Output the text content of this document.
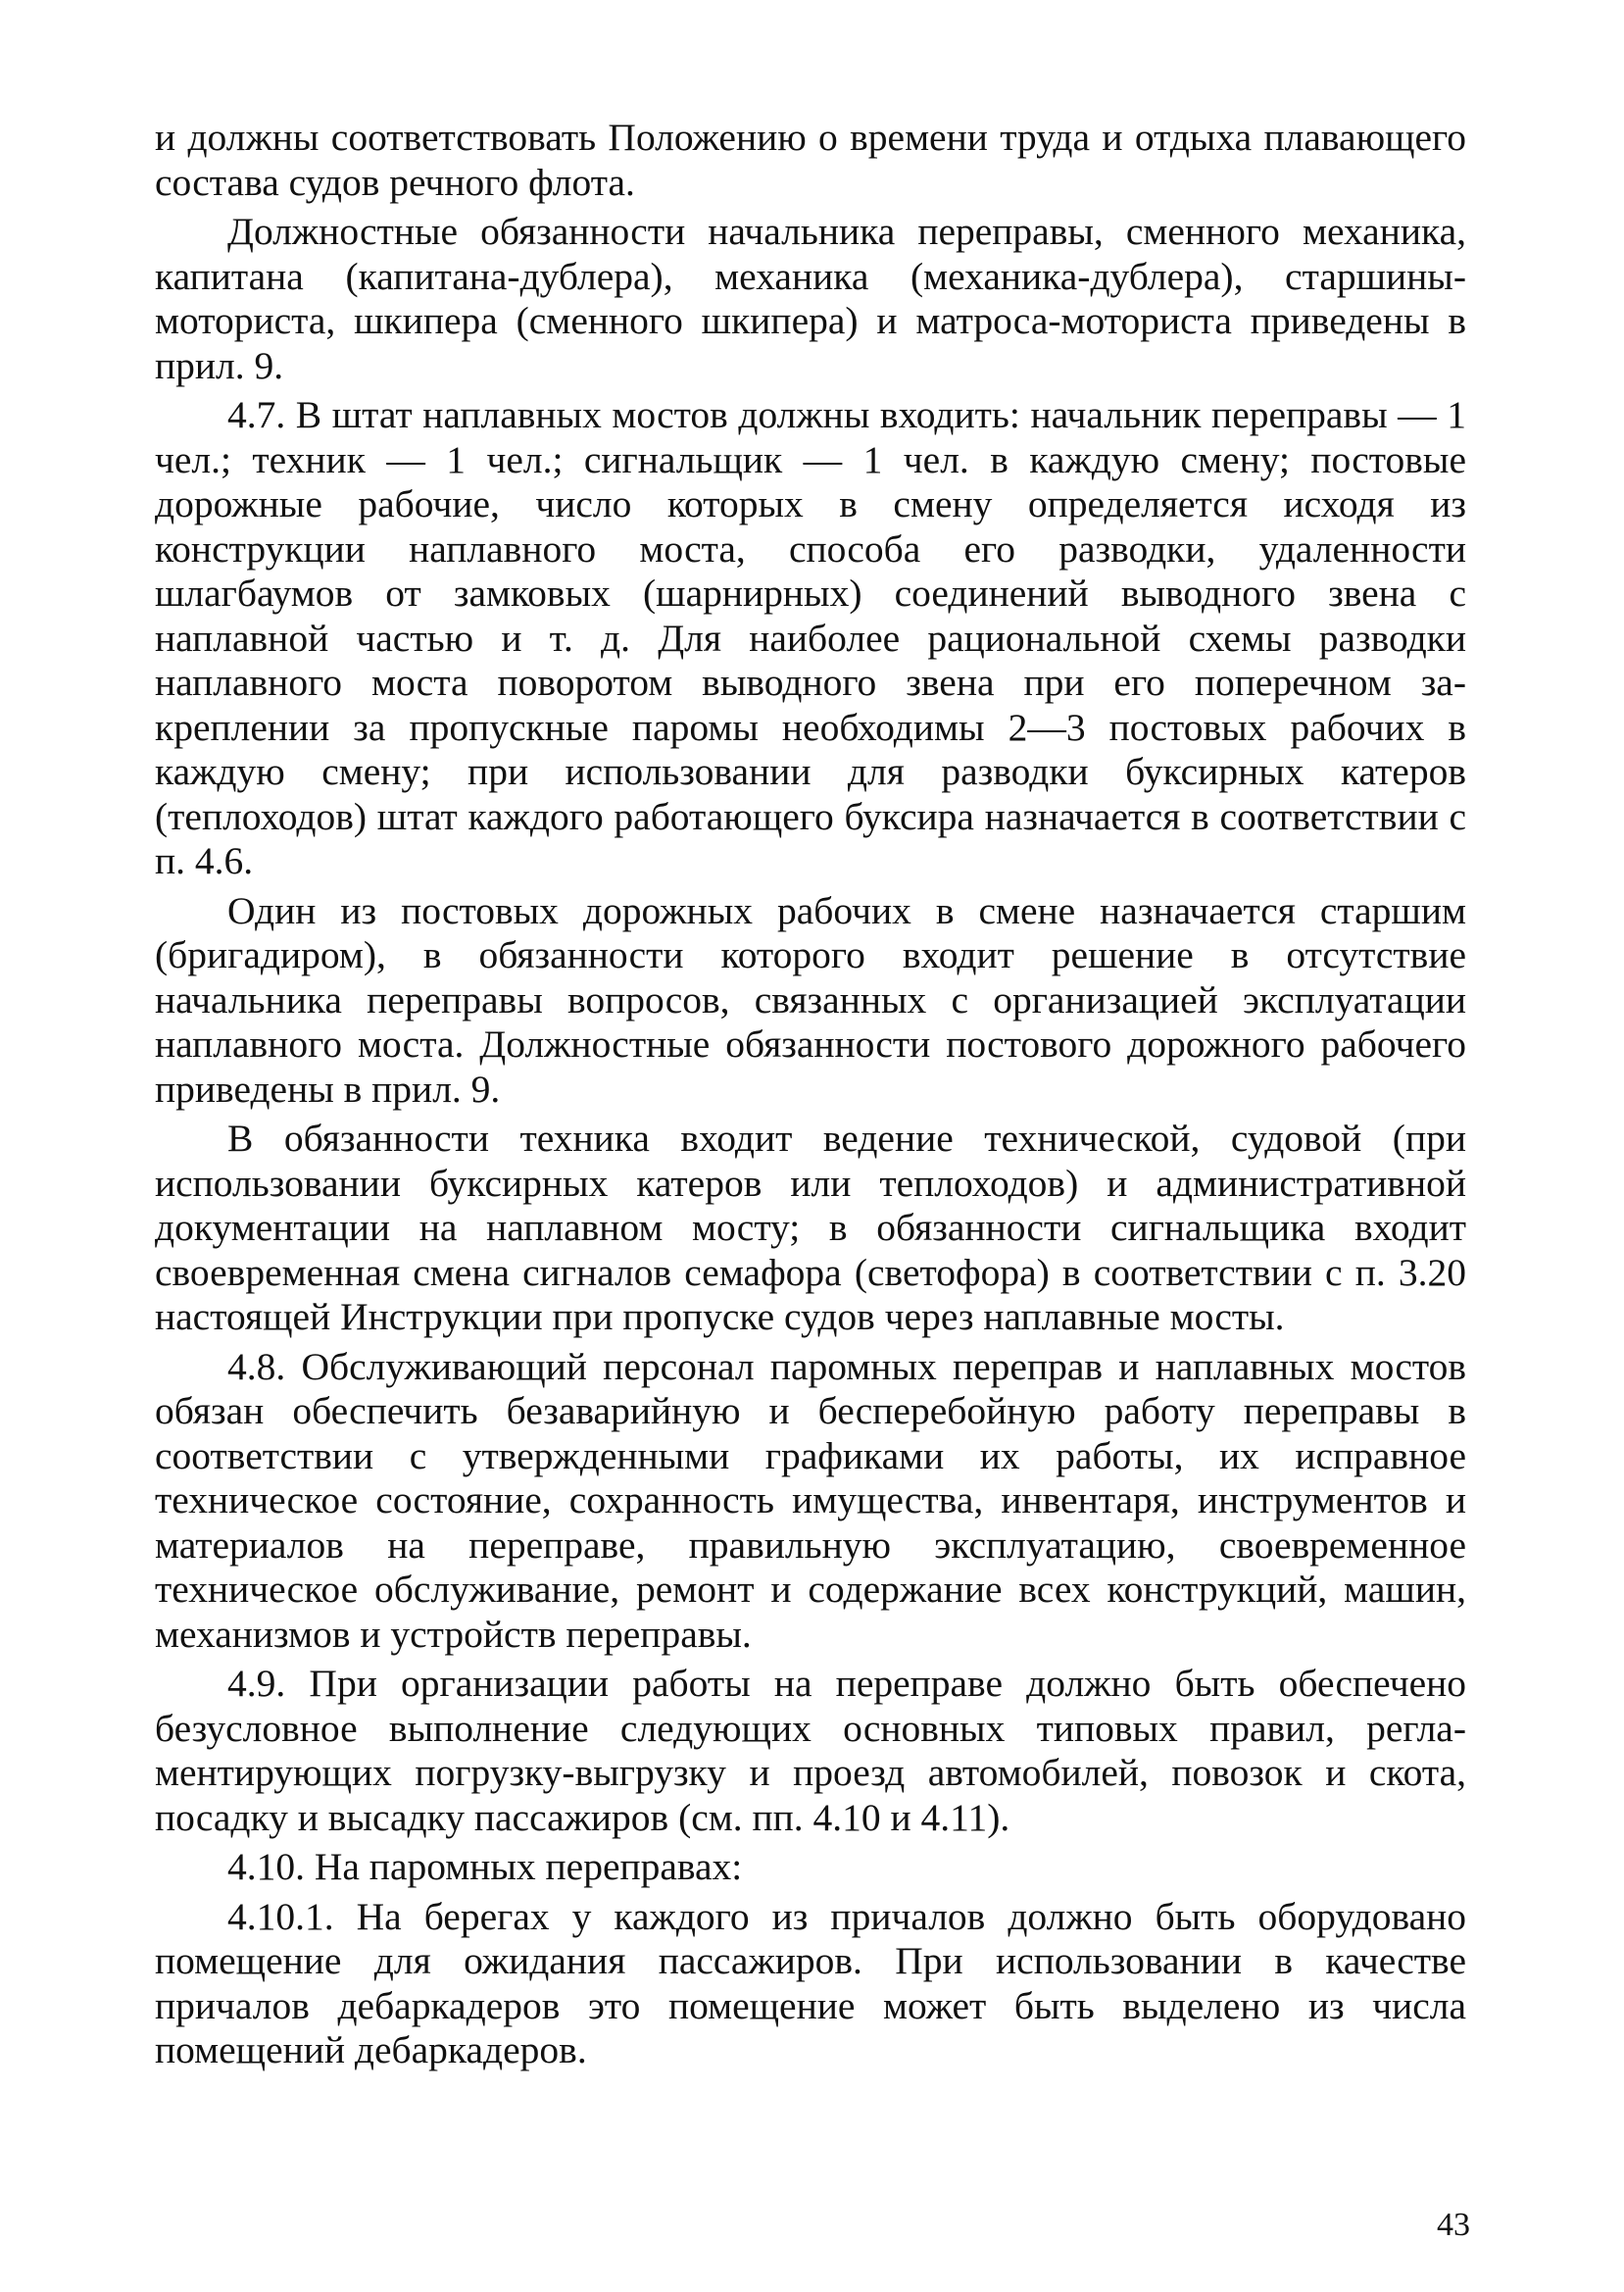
и должны соответствовать Положению о времени труда и отдыха плавающего состава судов речного флота.

Должностные обязанности начальника переправы, сменного механика, капитана (капитана-дублера), механика (механика-дублера), старшины-моториста, шкипера (сменного шкипера) и матроса-моториста приведены в прил. 9.

4.7. В штат наплавных мостов должны входить: начальник переправы — 1 чел.; техник — 1 чел.; сигнальщик — 1 чел. в каждую смену; постовые дорожные рабочие, число которых в смену определяется исходя из конструкции наплавного моста, способа его разводки, удаленности шлагбаумов от замковых (шарнирных) соединений выводного звена с наплавной частью и т. д. Для наиболее рациональной схемы разводки наплавного моста поворотом выводного звена при его поперечном закреплении за пропускные паромы необходимы 2—3 постовых рабочих в каждую смену; при использовании для разводки буксирных катеров (теплоходов) штат каждого работающего буксира назначается в соответствии с п. 4.6.

Один из постовых дорожных рабочих в смене назначается старшим (бригадиром), в обязанности которого входит решение в отсутствие начальника переправы вопросов, связанных с организацией эксплуатации наплавного моста. Должностные обязанности постового дорожного рабочего приведены в прил. 9.

В обязанности техника входит ведение технической, судовой (при использовании буксирных катеров или теплоходов) и административной документации на наплавном мосту; в обязанности сигнальщика входит своевременная смена сигналов семафора (светофора) в соответствии с п. 3.20 настоящей Инструкции при пропуске судов через наплавные мосты.

4.8. Обслуживающий персонал паромных переправ и наплавных мостов обязан обеспечить безаварийную и бесперебойную работу переправы в соответствии с утвержденными графиками их работы, их исправное техническое состояние, сохранность имущества, инвентаря, инструментов и материалов на переправе, правильную эксплуатацию, своевременное техническое обслуживание, ремонт и содержание всех конструкций, машин, механизмов и устройств переправы.

4.9. При организации работы на переправе должно быть обеспечено безусловное выполнение следующих основных типовых правил, регламентирующих погрузку-выгрузку и проезд автомобилей, повозок и скота, посадку и высадку пассажиров (см. пп. 4.10 и 4.11).

4.10. На паромных переправах:

4.10.1. На берегах у каждого из причалов должно быть оборудовано помещение для ожидания пассажиров. При использовании в качестве причалов дебаркадеров это помещение может быть выделено из числа помещений дебаркадеров.

43
